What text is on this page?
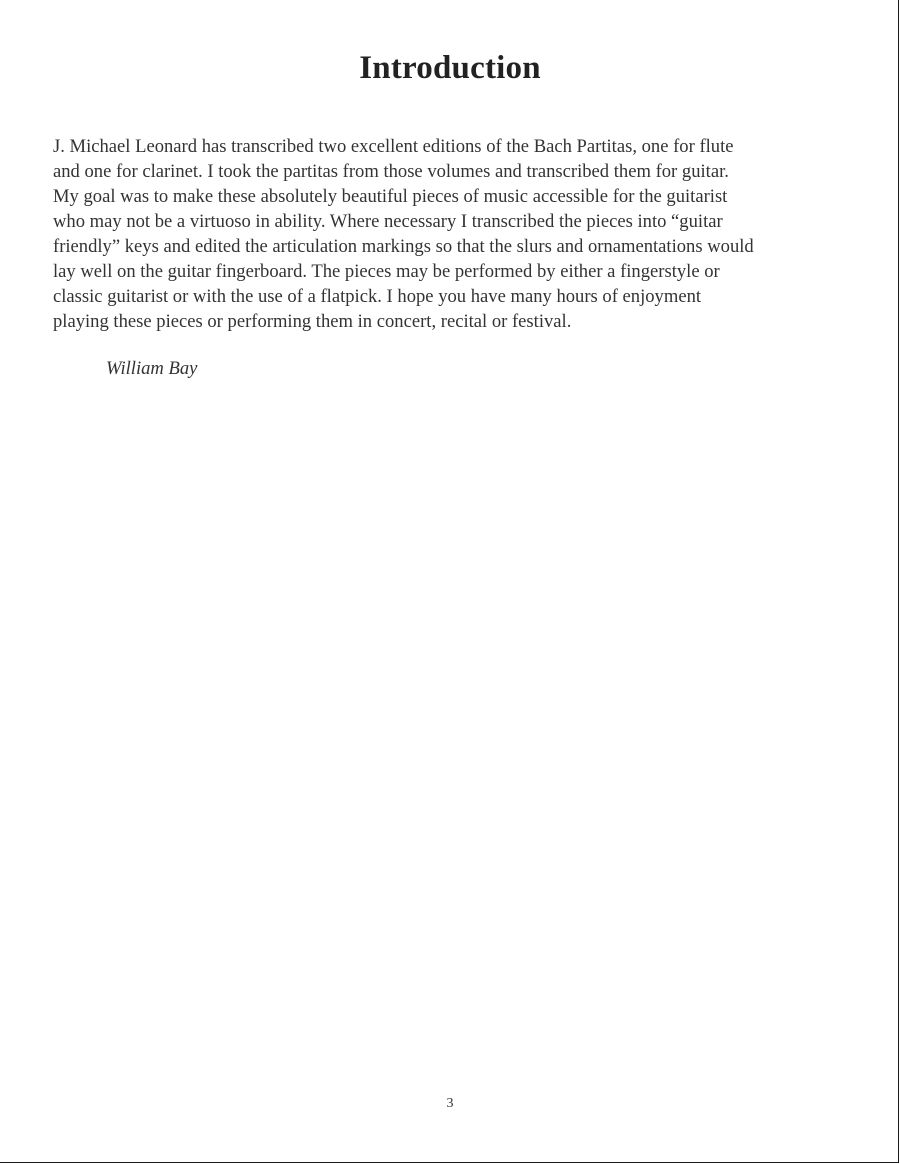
Introduction

J. Michael Leonard has transcribed two excellent editions of the Bach Partitas, one for flute
and one for clarinet. I took the partitas from those volumes and transcribed them for guitar.
My goal was to make these absolutely beautiful pieces of music accessible for the guitarist
who may not be a virtuoso in ability. Where necessary I transcribed the pieces into “guitar
friendly” keys and edited the articulation markings so that the slurs and ornamentations would
lay well on the guitar fingerboard. The pieces may be performed by either a fingerstyle or
classic guitarist or with the use of a flatpick. I hope you have many hours of enjoyment
playing these pieces or performing them in concert, recital or festival.

William Bay

3
